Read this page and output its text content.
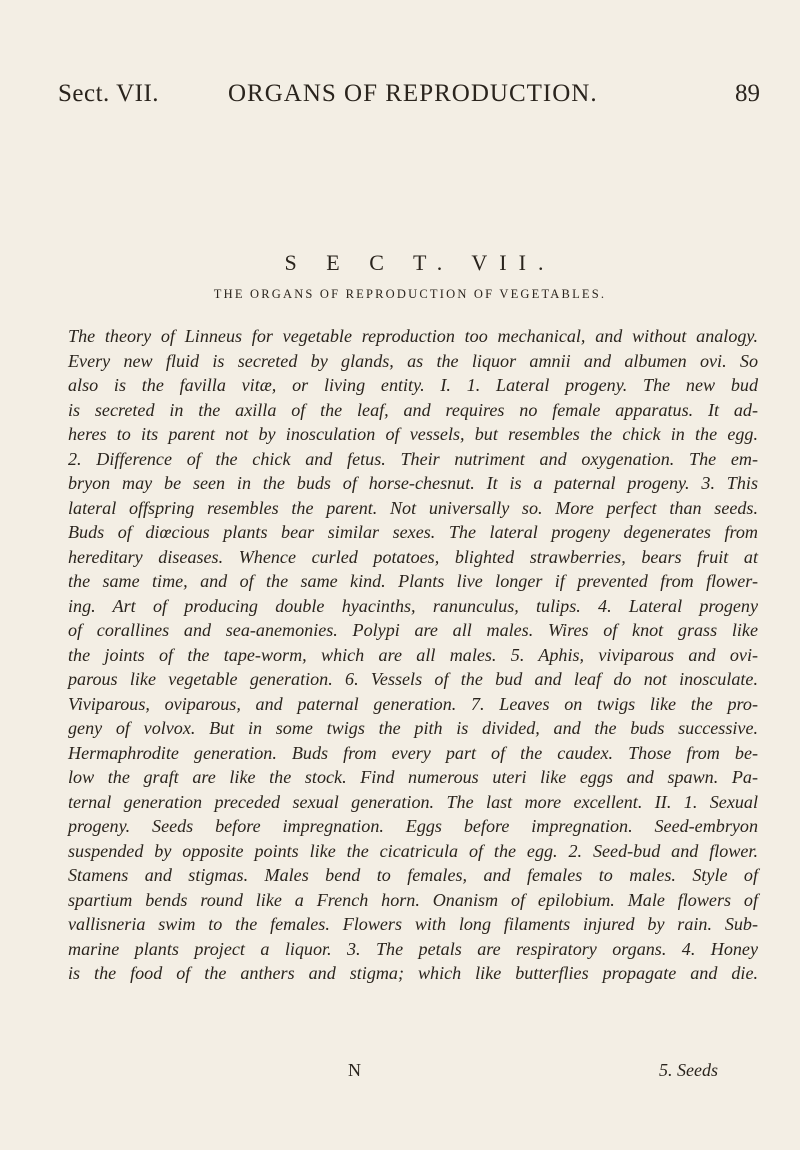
Sect. VII.	ORGANS OF REPRODUCTION.	89
S E C T. VII.
THE ORGANS OF REPRODUCTION OF VEGETABLES.
The theory of Linneus for vegetable reproduction too mechanical, and without analogy.
Every new fluid is secreted by glands, as the liquor amnii and albumen ovi. So
also is the favilla vitæ, or living entity. I. 1. Lateral progeny. The new bud
is secreted in the axilla of the leaf, and requires no female apparatus. It ad-
heres to its parent not by inosculation of vessels, but resembles the chick in the egg.
2. Difference of the chick and fetus. Their nutriment and oxygenation. The em-
bryon may be seen in the buds of horse-chesnut. It is a paternal progeny. 3. This
lateral offspring resembles the parent. Not universally so. More perfect than seeds.
Buds of diœcious plants bear similar sexes. The lateral progeny degenerates from
hereditary diseases. Whence curled potatoes, blighted strawberries, bears fruit at
the same time, and of the same kind. Plants live longer if prevented from flower-
ing. Art of producing double hyacinths, ranunculus, tulips. 4. Lateral progeny
of corallines and sea-anemonies. Polypi are all males. Wires of knot grass like
the joints of the tape-worm, which are all males. 5. Aphis, viviparous and ovi-
parous like vegetable generation. 6. Vessels of the bud and leaf do not inosculate.
Viviparous, oviparous, and paternal generation. 7. Leaves on twigs like the pro-
geny of volvox. But in some twigs the pith is divided, and the buds successive.
Hermaphrodite generation. Buds from every part of the caudex. Those from be-
low the graft are like the stock. Find numerous uteri like eggs and spawn. Pa-
ternal generation preceded sexual generation. The last more excellent. II. 1. Sexual
progeny. Seeds before impregnation. Eggs before impregnation. Seed-embryon
suspended by opposite points like the cicatricula of the egg. 2. Seed-bud and flower.
Stamens and stigmas. Males bend to females, and females to males. Style of
spartium bends round like a French horn. Onanism of epilobium. Male flowers of
vallisneria swim to the females. Flowers with long filaments injured by rain. Sub-
marine plants project a liquor. 3. The petals are respiratory organs. 4. Honey
is the food of the anthers and stigma; which like butterflies propagate and die.
N	5. Seeds
